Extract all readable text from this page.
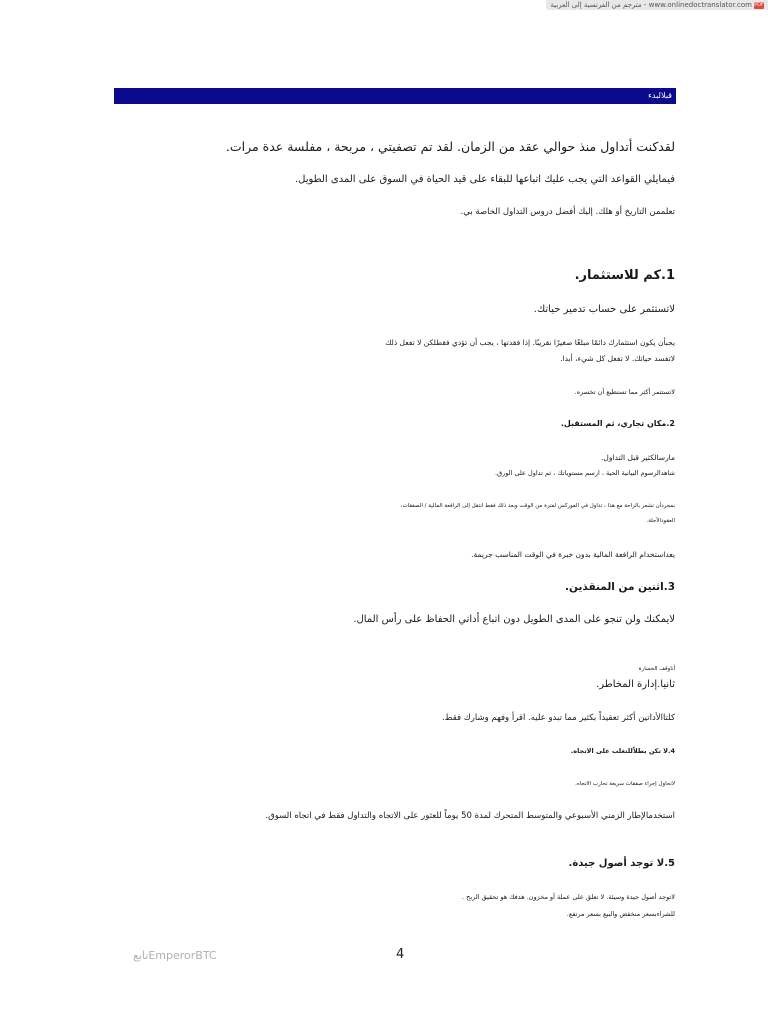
PDFwww.onlinedoctranslator.com - مترجم من الفرنسية إلى العربية
قبلالبدء
لقدكنت أتداول منذ حوالي عقد من الزمان. لقد تم تصفيتي ، مربحة ، مفلسة عدة مرات.
فيمايلي القواعد التي يجب عليك اتباعها للبقاء على قيد الحياة في السوق على المدى الطويل.
تعلممن التاريخ أو هلك. إليك أفضل دروس التداول الخاصة بي.
1.كم للاستثمار.
لاتستثمر على حساب تدمير حياتك.
يجبأن يكون استثمارك دائمًا مبلغًا صغيرًا نقريبًا. إذا فقدتها ، يجب أن تؤدي فقطلكن لا تفعل ذلك
لاتفسد حياتك. لا تفعل كل شيء، أبدا.
لاتستثمر أكثر مما تستطيع أن تخسره.
2.مكان تجاري، ثم المستقبل.
مارسالكثير قبل التداول.
شاهدالرسوم البيانية الحية ، ارسم مستوياتك ، ثم تداول على الورق.
بمجردأن تشعر بالراحة مع هذا ، تداول في الفوركس لفترة من الوقت وبعد ذلك فقط انتقل إلى الرافعة المالية / الصفقات،
العقودالآجلة.
يعداستخدام الرافعة المالية بدون خبرة في الوقت المناسب جريمة.
3.اثنين من المنقذين.
لايمكنك ولن تنجو على المدى الطويل دون اتباع أداتي الحفاظ على رأس المال.
أناوقف الخسارة
ثانيا.إدارة المخاطر.
كلتاالأداتين أكثر تعقيداً بكثير مما تبدو عليه. اقرأ وفهم وشارك فقط.
4.لا تكن بطلاًللتغلب على الاتجاه.
لاتحاول إجراء صفقات سريعة تحارب الاتجاه.
استخدمالإطار الزمني الأسبوعي والمتوسط المتحرك لمدة 50 يوماً للعثور على الاتجاه والتداول فقط في اتجاه السوق.
5.لا توجد أصول جيدة.
لاتوجد أصول جيدة وسيئة. لا تعلق على عملة أو مخزون. هدفك هو تحقيق الربح .
للشراءبسعر منخفض والبيع بسعر مرتفع.
تابعEmperorBTC	4
